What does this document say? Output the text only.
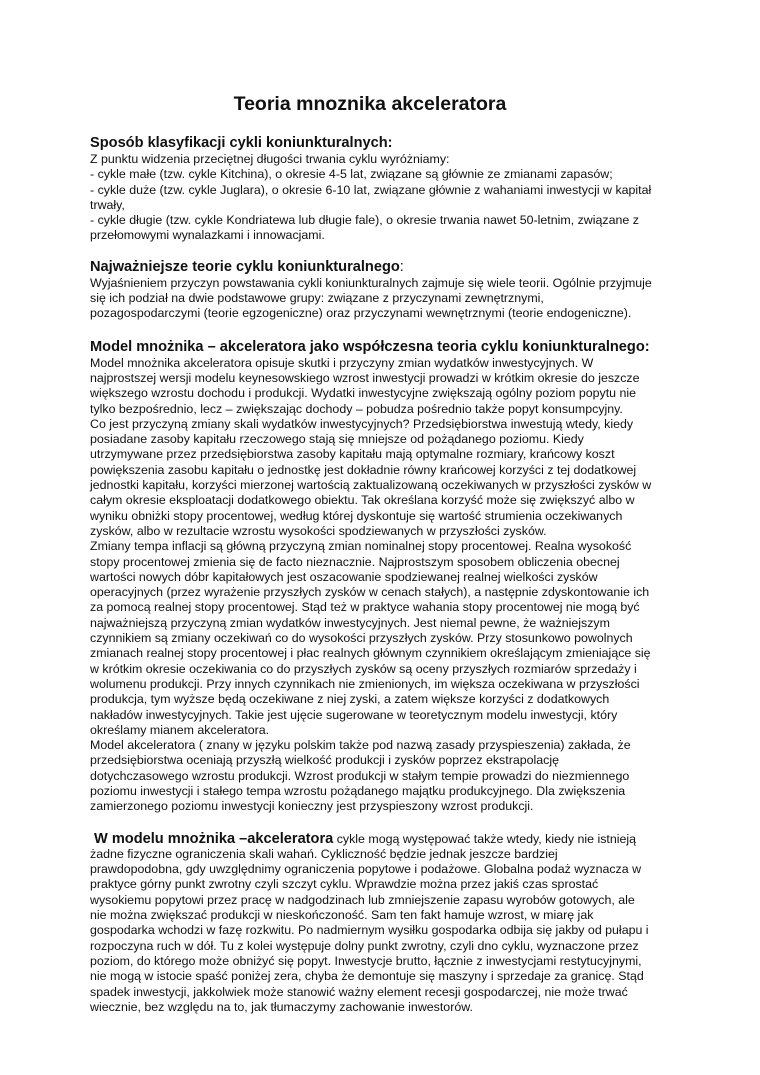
Teoria mnoznika akceleratora
Sposób klasyfikacji cykli koniunkturalnych:

Z punktu widzenia przeciętnej długości trwania cyklu wyróżniamy:

- cykle małe (tzw. cykle Kitchina), o okresie 4-5 lat, związane są głównie ze zmianami zapasów;

- cykle duże (tzw. cykle Juglara), o okresie 6-10 lat, związane głównie z wahaniami inwestycji w kapitał

trwały,

- cykle długie (tzw. cykle Kondriatewa lub długie fale), o okresie trwania nawet 50-letnim, związane z

przełomowymi wynalazkami i innowacjami.

Najważniejsze teorie cyklu koniunkturalnego:

Wyjaśnieniem przyczyn powstawania cykli koniunkturalnych zajmuje się wiele teorii. Ogólnie przyjmuje

się ich podział na dwie podstawowe grupy: związane z przyczynami zewnętrznymi,

pozagospodarczymi (teorie egzogeniczne) oraz przyczynami wewnętrznymi (teorie endogeniczne).

Model mnożnika – akceleratora jako współczesna teoria cyklu koniunkturalnego:

Model mnożnika akceleratora opisuje skutki i przyczyny zmian wydatków inwestycyjnych. W

najprostszej wersji modelu keynesowskiego wzrost inwestycji prowadzi w krótkim okresie do jeszcze

większego wzrostu dochodu i produkcji. Wydatki inwestycyjne zwiększają ogólny poziom popytu nie

tylko bezpośrednio, lecz – zwiększając dochody – pobudza pośrednio także popyt konsumpcyjny.

Co jest przyczyną zmiany skali wydatków inwestycyjnych? Przedsiębiorstwa inwestują wtedy, kiedy

posiadane zasoby kapitału rzeczowego stają się mniejsze od pożądanego poziomu. Kiedy

utrzymywane przez przedsiębiorstwa zasoby kapitału mają optymalne rozmiary, krańcowy koszt

powiększenia zasobu kapitału o jednostkę jest dokładnie równy krańcowej korzyści z tej dodatkowej

jednostki kapitału, korzyści mierzonej wartością zaktualizowaną oczekiwanych w przyszłości zysków w

całym okresie eksploatacji dodatkowego obiektu. Tak określana korzyść może się zwiększyć albo w

wyniku obniżki stopy procentowej, według której dyskontuje się wartość strumienia oczekiwanych

zysków, albo w rezultacie wzrostu wysokości spodziewanych w przyszłości zysków.

Zmiany tempa inflacji są główną przyczyną zmian nominalnej stopy procentowej. Realna wysokość

stopy procentowej zmienia się de facto nieznacznie. Najprostszym sposobem obliczenia obecnej

wartości nowych dóbr kapitałowych jest oszacowanie spodziewanej realnej wielkości zysków

operacyjnych (przez wyrażenie przyszłych zysków w cenach stałych), a następnie zdyskontowanie ich

za pomocą realnej stopy procentowej. Stąd też w praktyce wahania stopy procentowej nie mogą być

najważniejszą przyczyną zmian wydatków inwestycyjnych. Jest niemal pewne, że ważniejszym

czynnikiem są zmiany oczekiwań co do wysokości przyszłych zysków. Przy stosunkowo powolnych

zmianach realnej stopy procentowej i płac realnych głównym czynnikiem określającym zmieniające się

w krótkim okresie oczekiwania co do przyszłych zysków są oceny przyszłych rozmiarów sprzedaży i

wolumenu produkcji. Przy innych czynnikach nie zmienionych, im większa oczekiwana w przyszłości

produkcja, tym wyższe będą oczekiwane z niej zyski, a zatem większe korzyści z dodatkowych

nakładów inwestycyjnych. Takie jest ujęcie sugerowane w teoretycznym modelu inwestycji, który

określamy mianem akceleratora.

Model akceleratora ( znany w języku polskim także pod nazwą zasady przyspieszenia) zakłada, że

przedsiębiorstwa oceniają przyszłą wielkość produkcji i zysków poprzez ekstrapolację

dotychczasowego wzrostu produkcji. Wzrost produkcji w stałym tempie prowadzi do niezmiennego

poziomu inwestycji i stałego tempa wzrostu pożądanego majątku produkcyjnego. Dla zwiększenia

zamierzonego poziomu inwestycji konieczny jest przyspieszony wzrost produkcji.

W modelu mnożnika –akceleratora cykle mogą występować także wtedy, kiedy nie istnieją

żadne fizyczne ograniczenia skali wahań. Cykliczność będzie jednak jeszcze bardziej

prawdopodobna, gdy uwzględnimy ograniczenia popytowe i podażowe. Globalna podaż wyznacza w

praktyce górny punkt zwrotny czyli szczyt cyklu. Wprawdzie można przez jakiś czas sprostać

wysokiemu popytowi przez pracę w nadgodzinach lub zmniejszenie zapasu wyrobów gotowych, ale

nie można zwiększać produkcji w nieskończoność. Sam ten fakt hamuje wzrost, w miarę jak

gospodarka wchodzi w fazę rozkwitu. Po nadmiernym wysiłku gospodarka odbija się jakby od pułapu i

rozpoczyna ruch w dół. Tu z kolei występuje dolny punkt zwrotny, czyli dno cyklu, wyznaczone przez

poziom, do którego może obniżyć się popyt. Inwestycje brutto, łącznie z inwestycjami restytucyjnymi,

nie mogą w istocie spaść poniżej zera, chyba że demontuje się maszyny i sprzedaje za granicę. Stąd

spadek inwestycji, jakkolwiek może stanowić ważny element recesji gospodarczej, nie może trwać

wiecznie, bez względu na to, jak tłumaczymy zachowanie inwestorów.
